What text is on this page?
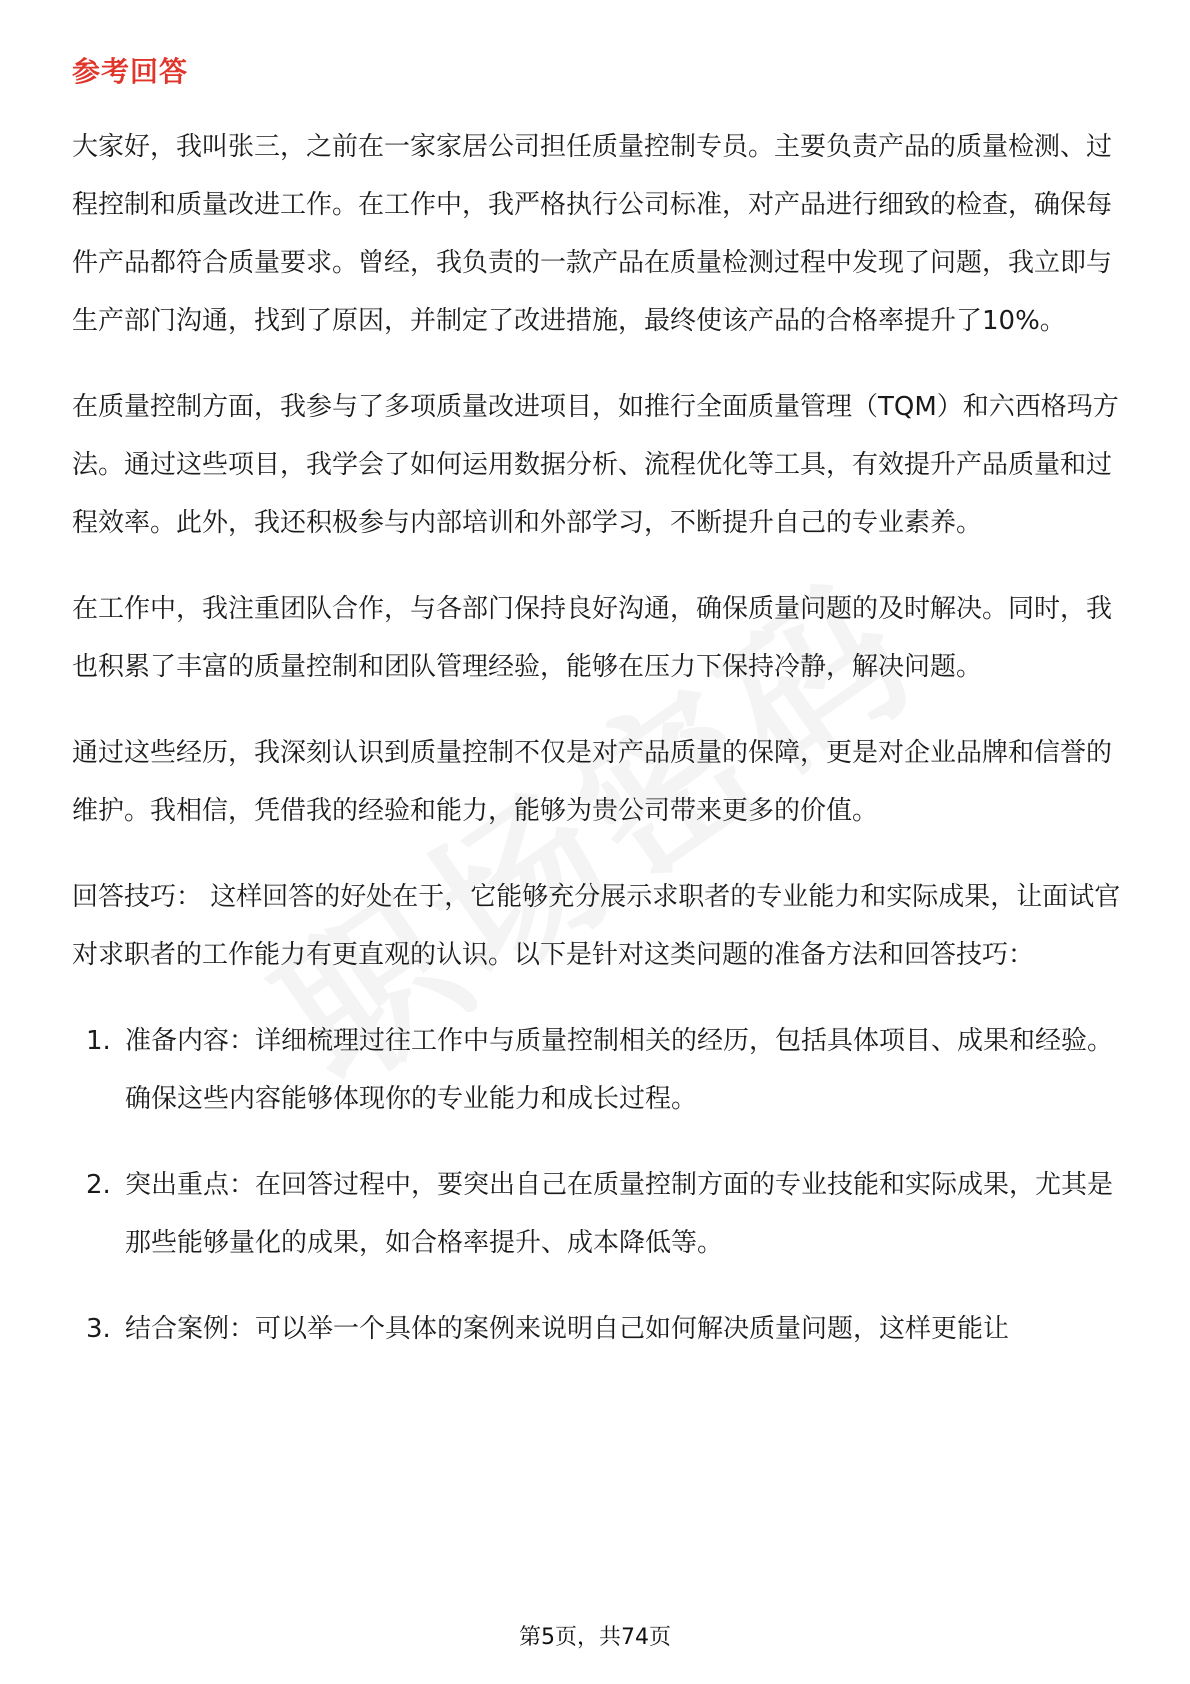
参考回答

大家好，我叫张三，之前在一家家居公司担任质量控制专员。主要负责产品的质量检测、过程控制和质量改进工作。在工作中，我严格执行公司标准，对产品进行细致的检查，确保每件产品都符合质量要求。曾经，我负责的一款产品在质量检测过程中发现了问题，我立即与生产部门沟通，找到了原因，并制定了改进措施，最终使该产品的合格率提升了10%。

在质量控制方面，我参与了多项质量改进项目，如推行全面质量管理（TQM）和六西格玛方法。通过这些项目，我学会了如何运用数据分析、流程优化等工具，有效提升产品质量和过程效率。此外，我还积极参与内部培训和外部学习，不断提升自己的专业素养。

在工作中，我注重团队合作，与各部门保持良好沟通，确保质量问题的及时解决。同时，我也积累了丰富的质量控制和团队管理经验，能够在压力下保持冷静，解决问题。

通过这些经历，我深刻认识到质量控制不仅是对产品质量的保障，更是对企业品牌和信誉的维护。我相信，凭借我的经验和能力，能够为贵公司带来更多的价值。

回答技巧： 这样回答的好处在于，它能够充分展示求职者的专业能力和实际成果，让面试官对求职者的工作能力有更直观的认识。以下是针对这类问题的准备方法和回答技巧：

1. 准备内容：详细梳理过往工作中与质量控制相关的经历，包括具体项目、成果和经验。确保这些内容能够体现你的专业能力和成长过程。
2. 突出重点：在回答过程中，要突出自己在质量控制方面的专业技能和实际成果，尤其是那些能够量化的成果，如合格率提升、成本降低等。
3. 结合案例：可以举一个具体的案例来说明自己如何解决质量问题，这样更能让
第5页，共74页
